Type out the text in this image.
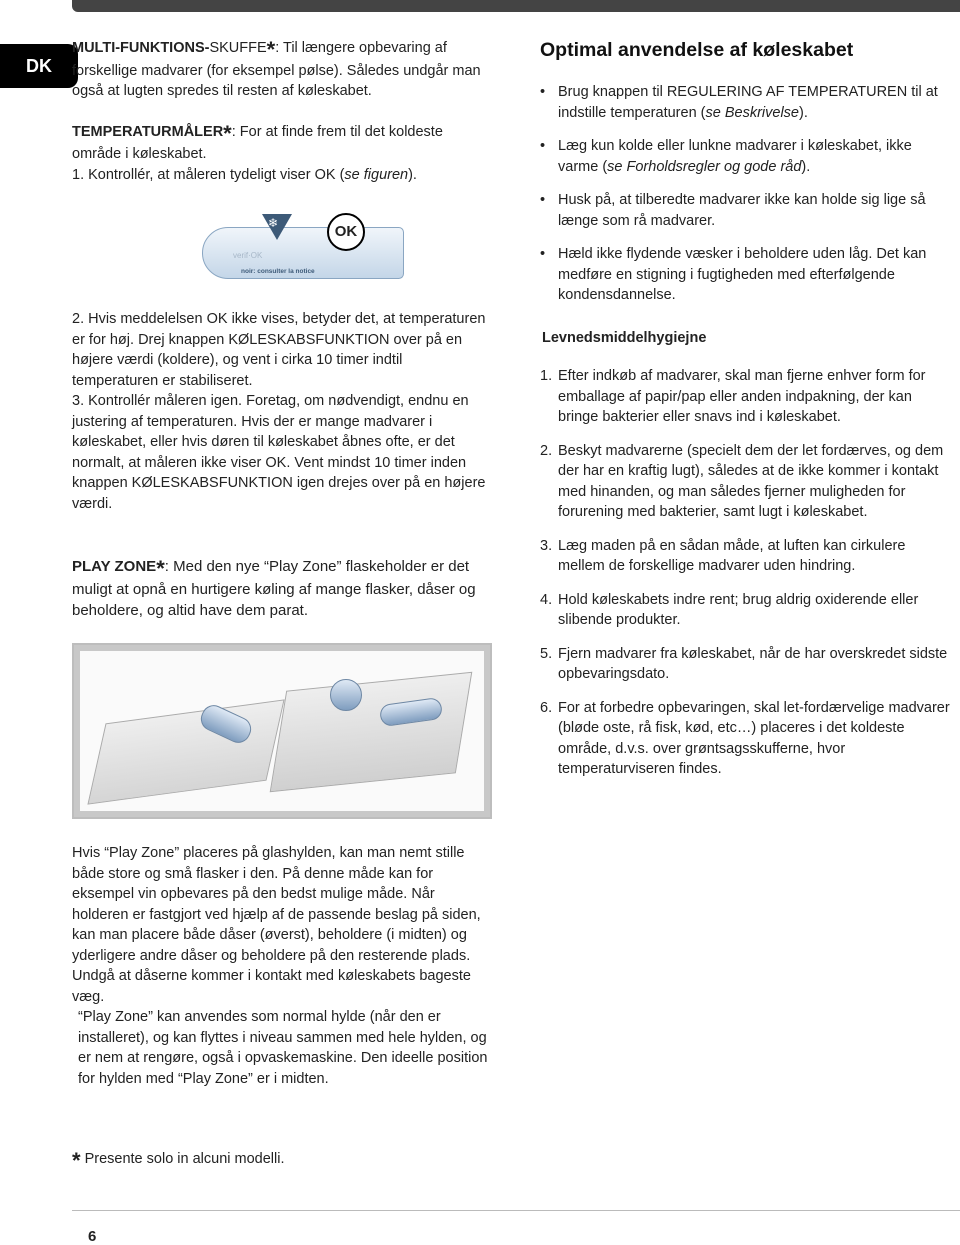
DK

MULTI-FUNKTIONS-SKUFFE*: Til længere opbevaring af forskellige madvarer (for eksempel pølse). Således undgår man også at lugten spredes til resten af køleskabet.

TEMPERATURMÅLER*: For at finde frem til det koldeste område i køleskabet.

1. Kontrollér, at måleren tydeligt viser OK (se figuren).

verif·OK
noir: consulter la notice
❄	OK

2. Hvis meddelelsen OK ikke vises, betyder det, at temperaturen er for høj. Drej knappen KØLESKABSFUNKTION over på en højere værdi (koldere), og vent i cirka 10 timer indtil temperaturen er stabiliseret.

3. Kontrollér måleren igen. Foretag, om nødvendigt, endnu en justering af temperaturen. Hvis der er mange madvarer i køleskabet, eller hvis døren til køleskabet åbnes ofte, er det normalt, at måleren ikke viser OK. Vent mindst 10 timer inden knappen KØLESKABSFUNKTION igen drejes over på en højere værdi.

PLAY ZONE*: Med den nye “Play Zone” flaskeholder er det muligt at opnå en hurtigere køling af mange flasker, dåser og beholdere, og altid have dem parat.

Hvis “Play Zone” placeres på glashylden, kan man nemt stille både store og små flasker i den. På denne måde kan for eksempel vin opbevares på den bedst mulige måde. Når holderen er fastgjort ved hjælp af de passende beslag på siden, kan man placere både dåser (øverst), beholdere (i midten) og yderligere andre dåser og beholdere på den resterende plads. Undgå at dåserne kommer i kontakt med køleskabets bageste væg.

“Play Zone” kan anvendes som normal hylde (når den er installeret), og kan flyttes i niveau sammen med hele hylden, og er nem at rengøre, også i opvaskemaskine. Den ideelle position for hylden med “Play Zone” er i midten.

Optimal anvendelse af køleskabet
• Brug knappen til REGULERING AF TEMPERATUREN til at indstille temperaturen (se Beskrivelse).
• Læg kun kolde eller lunkne madvarer i køleskabet, ikke varme (se Forholdsregler og gode råd).
• Husk på, at tilberedte madvarer ikke kan holde sig lige så længe som rå madvarer.
• Hæld ikke flydende væsker i beholdere uden låg. Det kan medføre en stigning i fugtigheden med efterfølgende kondensdannelse.
Levnedsmiddelhygiejne
1. Efter indkøb af madvarer, skal man fjerne enhver form for emballage af papir/pap eller anden indpakning, der kan bringe bakterier eller snavs ind i køleskabet.
2. Beskyt madvarerne (specielt dem der let fordærves, og dem der har en kraftig lugt), således at de ikke kommer i kontakt med hinanden, og man således fjerner muligheden for forurening med bakterier, samt lugt i køleskabet.
3. Læg maden på en sådan måde, at luften kan cirkulere mellem de forskellige madvarer uden hindring.
4. Hold køleskabets indre rent; brug aldrig oxiderende eller slibende produkter.
5. Fjern madvarer fra køleskabet, når de har overskredet sidste opbevaringsdato.
6. For at forbedre opbevaringen, skal let-fordærvelige madvarer (bløde oste, rå fisk, kød, etc…) placeres i det koldeste område, d.v.s. over grøntsagsskufferne, hvor temperaturviseren findes.
* Presente solo in alcuni modelli.
6
